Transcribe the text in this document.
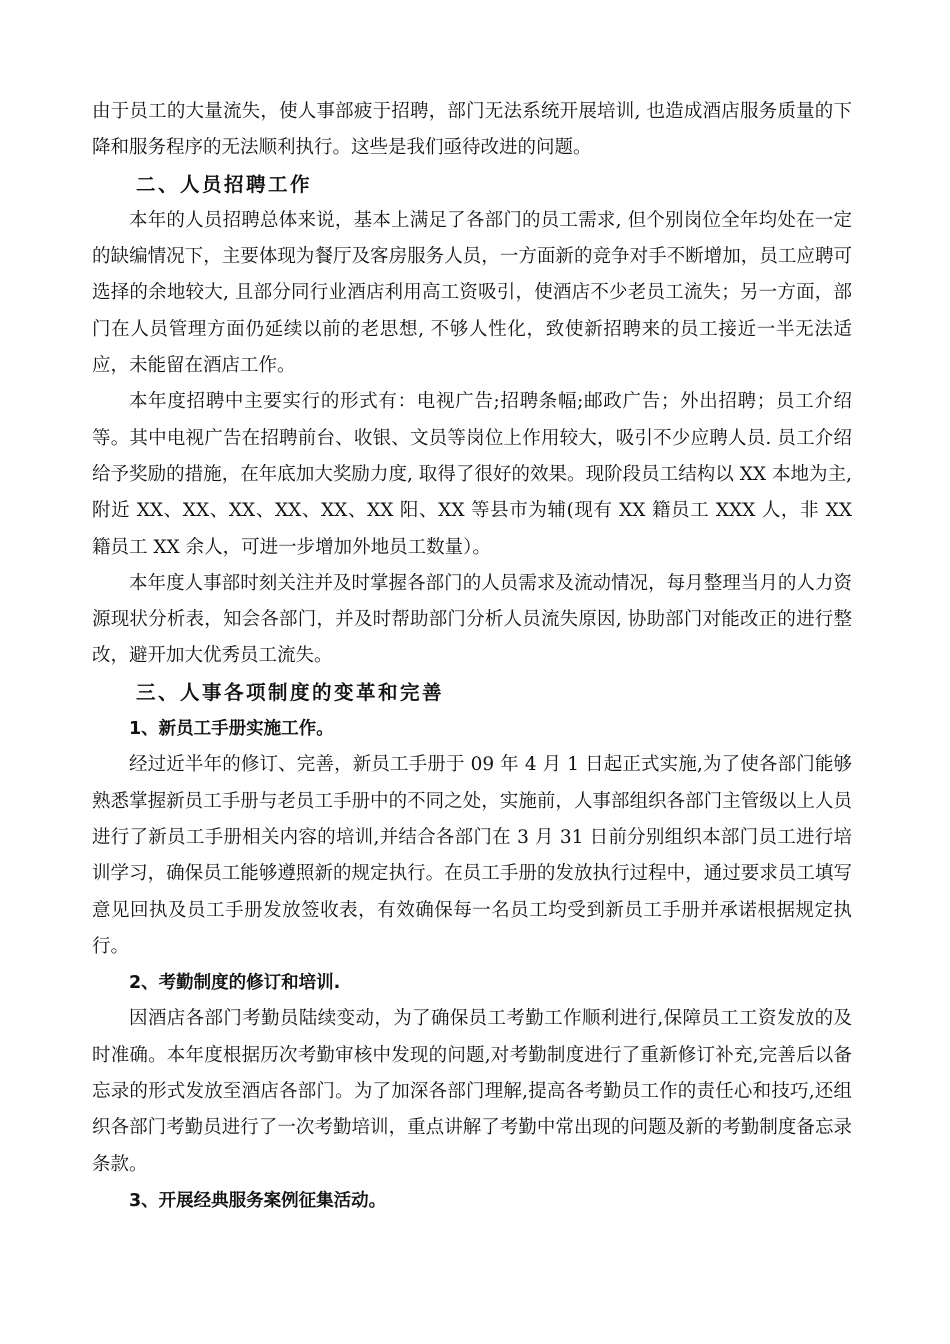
由于员工的大量流失，使人事部疲于招聘，部门无法系统开展培训, 也造成酒店服务质量的下降和服务程序的无法顺利执行。这些是我们亟待改进的问题。

二、人员招聘工作

本年的人员招聘总体来说，基本上满足了各部门的员工需求, 但个别岗位全年均处在一定的缺编情况下，主要体现为餐厅及客房服务人员，一方面新的竞争对手不断增加，员工应聘可选择的余地较大, 且部分同行业酒店利用高工资吸引，使酒店不少老员工流失；另一方面，部门在人员管理方面仍延续以前的老思想, 不够人性化，致使新招聘来的员工接近一半无法适应，未能留在酒店工作。

本年度招聘中主要实行的形式有：电视广告;招聘条幅;邮政广告；外出招聘；员工介绍等。其中电视广告在招聘前台、收银、文员等岗位上作用较大，吸引不少应聘人员. 员工介绍给予奖励的措施，在年底加大奖励力度, 取得了很好的效果。现阶段员工结构以 XX 本地为主, 附近 XX、XX、XX、XX、XX、XX 阳、XX 等县市为辅(现有 XX 籍员工 XXX 人，非 XX 籍员工 XX 余人，可进一步增加外地员工数量）。

本年度人事部时刻关注并及时掌握各部门的人员需求及流动情况，每月整理当月的人力资源现状分析表，知会各部门，并及时帮助部门分析人员流失原因, 协助部门对能改正的进行整改，避开加大优秀员工流失。

三、人事各项制度的变革和完善

1、新员工手册实施工作。

经过近半年的修订、完善，新员工手册于 09 年 4 月 1 日起正式实施,为了使各部门能够熟悉掌握新员工手册与老员工手册中的不同之处，实施前，人事部组织各部门主管级以上人员进行了新员工手册相关内容的培训,并结合各部门在 3 月 31 日前分别组织本部门员工进行培训学习，确保员工能够遵照新的规定执行。在员工手册的发放执行过程中，通过要求员工填写意见回执及员工手册发放签收表，有效确保每一名员工均受到新员工手册并承诺根据规定执行。

2、考勤制度的修订和培训.

因酒店各部门考勤员陆续变动，为了确保员工考勤工作顺利进行,保障员工工资发放的及时准确。本年度根据历次考勤审核中发现的问题,对考勤制度进行了重新修订补充,完善后以备忘录的形式发放至酒店各部门。为了加深各部门理解,提高各考勤员工作的责任心和技巧,还组织各部门考勤员进行了一次考勤培训，重点讲解了考勤中常出现的问题及新的考勤制度备忘录条款。

3、开展经典服务案例征集活动。
